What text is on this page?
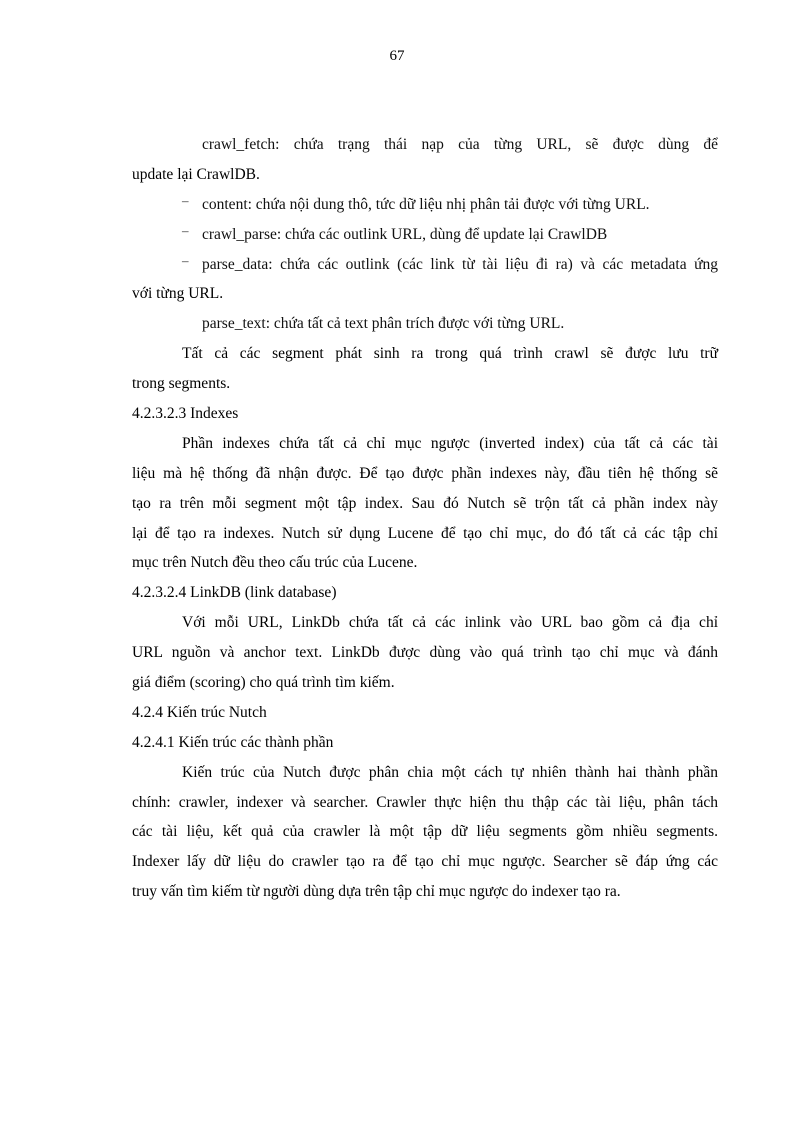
67
crawl_fetch: chứa trạng thái nạp của từng URL, sẽ được dùng để
update lại CrawlDB.
– content: chứa nội dung thô, tức dữ liệu nhị phân tải được với từng URL.
– crawl_parse: chứa các outlink URL, dùng để update lại CrawlDB
– parse_data: chứa các outlink (các link từ tài liệu đi ra) và các metadata ứng
với từng URL.
parse_text: chứa tất cả text phân trích được với từng URL.
Tất cả các segment phát sinh ra trong quá trình crawl sẽ được lưu trữ
trong segments.
4.2.3.2.3 Indexes
Phần indexes chứa tất cả chỉ mục ngược (inverted index) của tất cả các tài
liệu mà hệ thống đã nhận được. Để tạo được phần indexes này, đầu tiên hệ thống sẽ
tạo ra trên mỗi segment một tập index. Sau đó Nutch sẽ trộn tất cả phần index này
lại để tạo ra indexes. Nutch sử dụng Lucene để tạo chỉ mục, do đó tất cả các tập chỉ
mục trên Nutch đều theo cấu trúc của Lucene.
4.2.3.2.4 LinkDB (link database)
Với mỗi URL, LinkDb chứa tất cả các inlink vào URL bao gồm cả địa chỉ
URL nguồn và anchor text. LinkDb được dùng vào quá trình tạo chỉ mục và đánh
giá điểm (scoring) cho quá trình tìm kiếm.
4.2.4 Kiến trúc Nutch
4.2.4.1 Kiến trúc các thành phần
Kiến trúc của Nutch được phân chia một cách tự nhiên thành hai thành phần
chính: crawler, indexer và searcher. Crawler thực hiện thu thập các tài liệu, phân tách
các tài liệu, kết quả của crawler là một tập dữ liệu segments gồm nhiều segments.
Indexer lấy dữ liệu do crawler tạo ra để tạo chỉ mục ngược. Searcher sẽ đáp ứng các
truy vấn tìm kiếm từ người dùng dựa trên tập chỉ mục ngược do indexer tạo ra.
